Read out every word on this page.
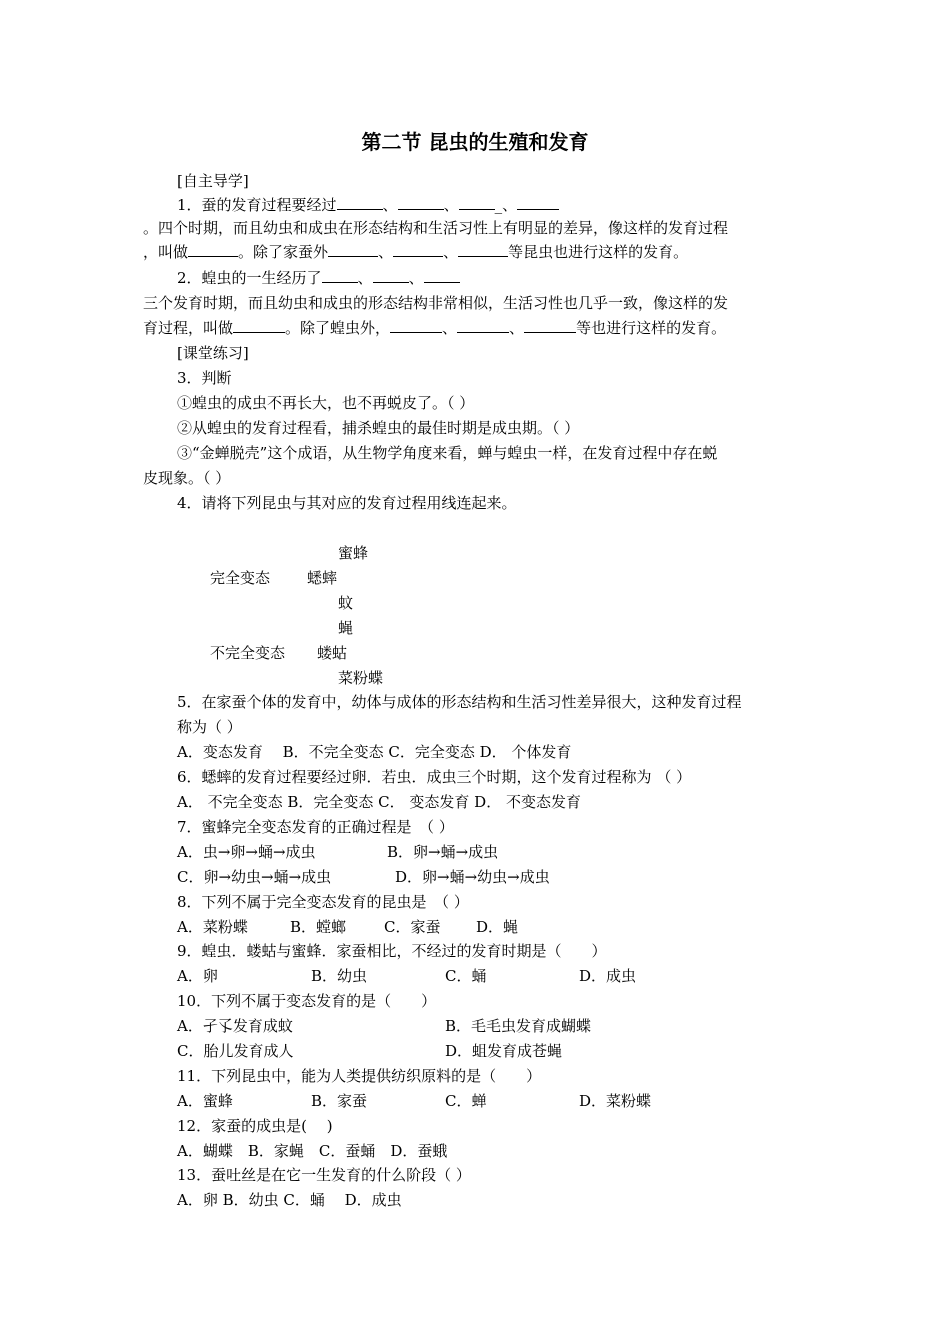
第二节 昆虫的生殖和发育
[自主导学]
1．蚕的发育过程要经过	、	、 _、
。四个时期，而且幼虫和成虫在形态结构和生活习性上有明显的差异，像这样的发育过程
，叫做	。除了家蚕外	、	、	等昆虫也进行这样的发育。
2．蝗虫的一生经历了 、 、
三个发育时期，而且幼虫和成虫的形态结构非常相似，生活习性也几乎一致，像这样的发
育过程，叫做	。除了蝗虫外，	、	、	等也进行这样的发育。
[课堂练习]
3．判断
①蝗虫的成虫不再长大，也不再蜕皮了。（ ）
②从蝗虫的发育过程看，捕杀蝗虫的最佳时期是成虫期。（ ）
③“金蝉脱壳”这个成语，从生物学角度来看，蝉与蝗虫一样，在发育过程中存在蜕
皮现象。（ ）
4．请将下列昆虫与其对应的发育过程用线连起来。
蜜蜂
完全变态 蟋蟀
蚊
蝇
不完全变态 蝼蛄
菜粉蝶
5．在家蚕个体的发育中，幼体与成体的形态结构和生活习性差异很大，这种发育过程
称为（ ）
A．变态发育　 B．不完全变态 C．完全变态 D． 个体发育
6．蟋蟀的发育过程要经过卵．若虫．成虫三个时期，这个发育过程称为 （ ）
A． 不完全变态 B．完全变态 C． 变态发育 D． 不变态发育
7．蜜蜂完全变态发育的正确过程是　（ ）
A．虫→卵→蛹→成虫	B．卵→蛹→成虫
C．卵→幼虫→蛹→成虫	D．卵→蛹→幼虫→成虫
8．下列不属于完全变态发育的昆虫是　（ ）
A．菜粉蝶	B．螳螂	C．家蚕 D．蝇
9．蝗虫．蝼蛄与蜜蜂．家蚕相比，不经过的发育时期是（　　）
A．卵	B．幼虫	C．蛹	D．成虫
10．下列不属于变态发育的是（　　）
A．孑孓发育成蚊	B．毛毛虫发育成蝴蝶
C．胎儿发育成人	D．蛆发育成苍蝇
11．下列昆虫中，能为人类提供纺织原料的是（　　）
A．蜜蜂	B．家蚕	C．蝉	D．菜粉蝶
12．家蚕的成虫是(　 )
A．蝴蝶　B．家蝇　C．蚕蛹　D．蚕蛾
13．蚕吐丝是在它一生发育的什么阶段（ ）
A．卵 B．幼虫 C．蛹　 D．成虫
